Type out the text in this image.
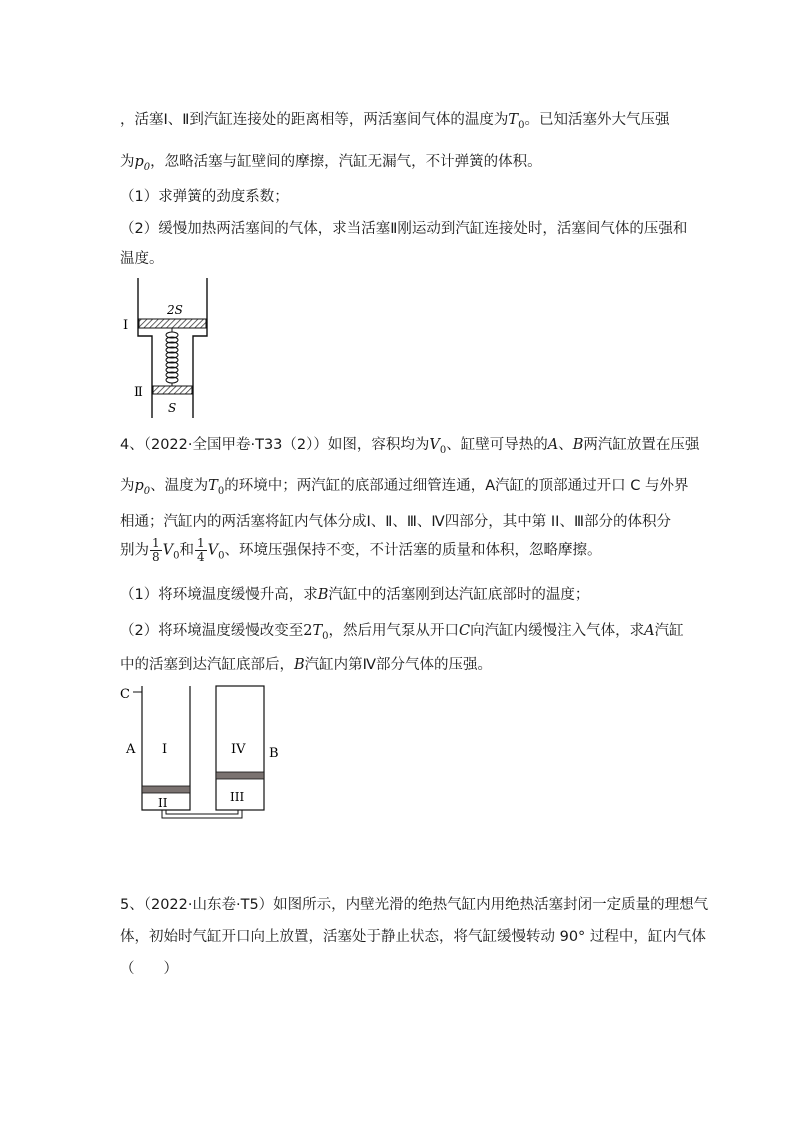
，活塞Ⅰ、Ⅱ到汽缸连接处的距离相等，两活塞间气体的温度为$T_0$。已知活塞外大气压强
为$p_0$，忽略活塞与缸壁间的摩擦，汽缸无漏气，不计弹簧的体积。
（1）求弹簧的劲度系数；
（2）缓慢加热两活塞间的气体，求当活塞Ⅱ刚运动到汽缸连接处时，活塞间气体的压强和
温度。
2S
S
Ⅰ
Ⅱ
4、（2022·全国甲卷·T33（2））如图，容积均为$V_0$、缸壁可导热的A、B两汽缸放置在压强
为$p_0$、温度为$T_0$的环境中；两汽缸的底部通过细管连通，A汽缸的顶部通过开口 C 与外界
相通；汽缸内的两活塞将缸内气体分成Ⅰ、Ⅱ、Ⅲ、Ⅳ四部分，其中第 II、Ⅲ部分的体积分
别为 $\frac{1}{8} V_0$和 $\frac{1}{4} V_0$、环境压强保持不变，不计活塞的质量和体积，忽略摩擦。
（1）将环境温度缓慢升高，求B汽缸中的活塞刚到达汽缸底部时的温度；
（2）将环境温度缓慢改变至$2T_0$，然后用气泵从开口C向汽缸内缓慢注入气体，求A汽缸
中的活塞到达汽缸底部后，B汽缸内第Ⅳ部分气体的压强。
C
A I	IV B
II	III
5、（2022·山东卷·T5）如图所示，内壁光滑的绝热气缸内用绝热活塞封闭一定质量的理想气
体，初始时气缸开口向上放置，活塞处于静止状态，将气缸缓慢转动 90° 过程中，缸内气体
（　　）
